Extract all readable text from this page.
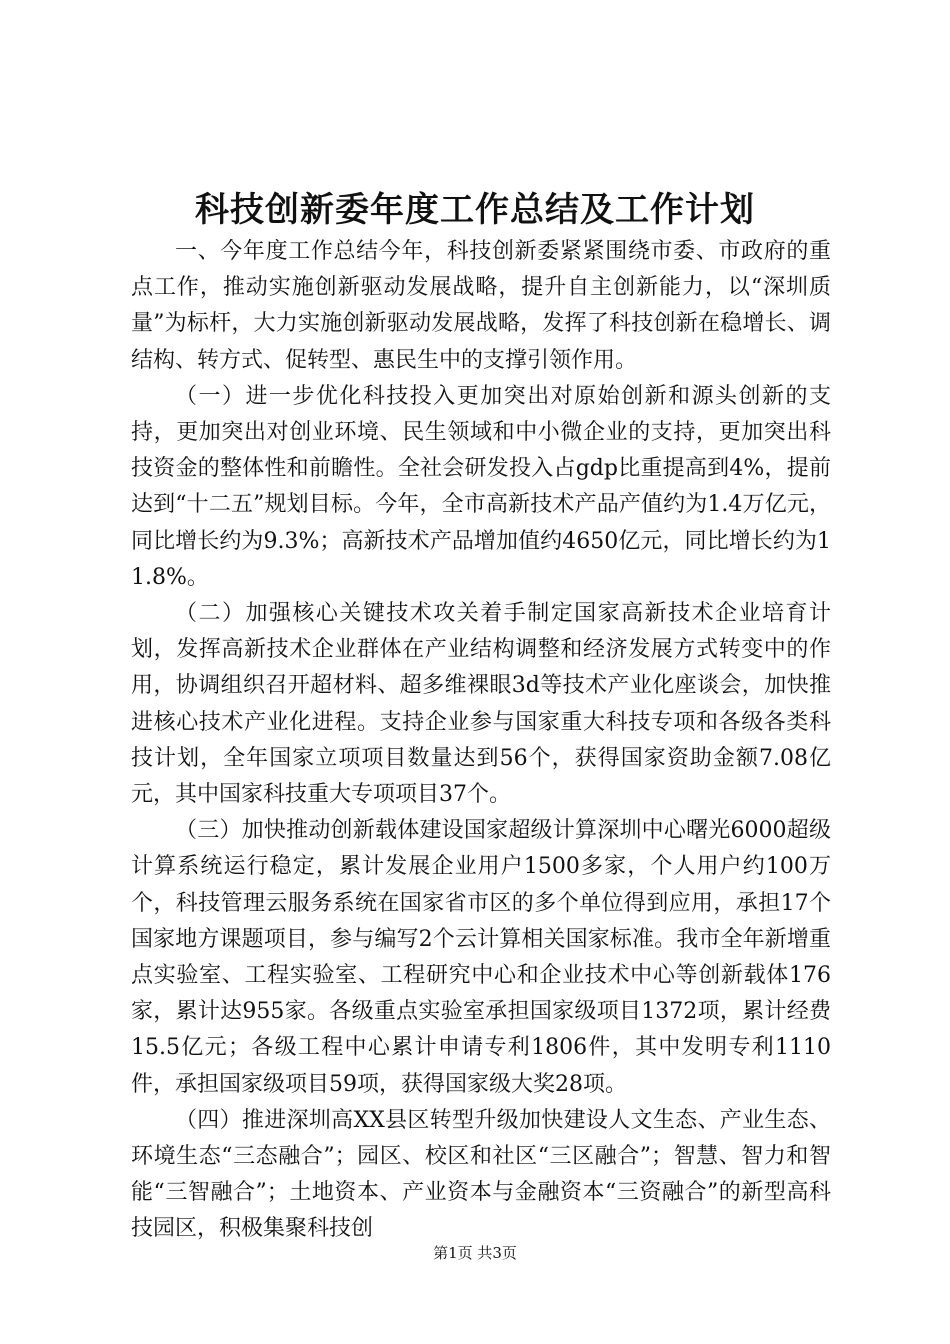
科技创新委年度工作总结及工作计划

一、今年度工作总结今年，科技创新委紧紧围绕市委、市政府的重点工作，推动实施创新驱动发展战略，提升自主创新能力，以“深圳质量”为标杆，大力实施创新驱动发展战略，发挥了科技创新在稳增长、调结构、转方式、促转型、惠民生中的支撑引领作用。

（一）进一步优化科技投入更加突出对原始创新和源头创新的支持，更加突出对创业环境、民生领域和中小微企业的支持，更加突出科技资金的整体性和前瞻性。全社会研发投入占gdp比重提高到4%，提前达到“十二五”规划目标。今年，全市高新技术产品产值约为1.4万亿元，同比增长约为9.3%；高新技术产品增加值约4650亿元，同比增长约为11.8%。

（二）加强核心关键技术攻关着手制定国家高新技术企业培育计划，发挥高新技术企业群体在产业结构调整和经济发展方式转变中的作用，协调组织召开超材料、超多维裸眼3d等技术产业化座谈会，加快推进核心技术产业化进程。支持企业参与国家重大科技专项和各级各类科技计划，全年国家立项项目数量达到56个，获得国家资助金额7.08亿元，其中国家科技重大专项项目37个。

（三）加快推动创新载体建设国家超级计算深圳中心曙光6000超级计算系统运行稳定，累计发展企业用户1500多家，个人用户约100万个，科技管理云服务系统在国家省市区的多个单位得到应用，承担17个国家地方课题项目，参与编写2个云计算相关国家标准。我市全年新增重点实验室、工程实验室、工程研究中心和企业技术中心等创新载体176家，累计达955家。各级重点实验室承担国家级项目1372项，累计经费15.5亿元；各级工程中心累计申请专利1806件，其中发明专利1110件，承担国家级项目59项，获得国家级大奖28项。

（四）推进深圳高XX县区转型升级加快建设人文生态、产业生态、环境生态“三态融合”；园区、校区和社区“三区融合”；智慧、智力和智能“三智融合”；土地资本、产业资本与金融资本“三资融合”的新型高科技园区，积极集聚科技创

第1页 共3页
